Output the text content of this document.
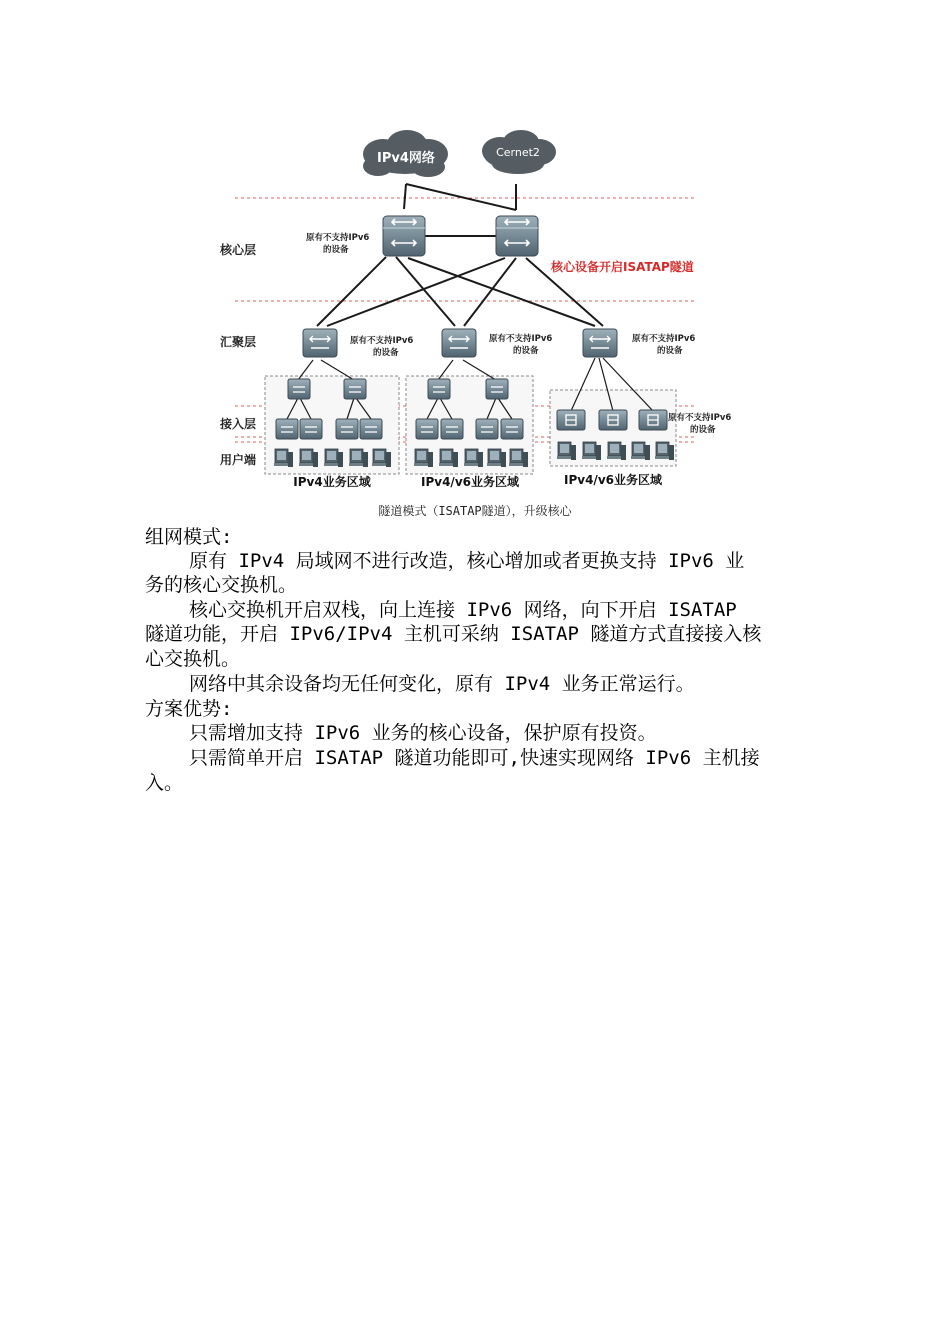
IPv4网络	Cernet2
核心层
汇聚层
接入层
用户端
原有不支持IPv6
的设备
原有不支持IPv6
的设备
原有不支持IPv6
的设备
原有不支持IPv6
的设备
原有不支持IPv6
的设备
核心设备开启ISATAP隧道
IPv4业务区域	IPv4/v6业务区域	IPv4/v6业务区域
隧道模式（ISATAP隧道），升级核心
组网模式:
原有 IPv4 局域网不进行改造，核心增加或者更换支持 IPv6 业
务的核心交换机。
核心交换机开启双栈，向上连接 IPv6 网络，向下开启 ISATAP
隧道功能，开启 IPv6/IPv4 主机可采纳 ISATAP 隧道方式直接接入核
心交换机。
网络中其余设备均无任何变化，原有 IPv4 业务正常运行。
方案优势:
只需增加支持 IPv6 业务的核心设备，保护原有投资。
只需简单开启 ISATAP 隧道功能即可,快速实现网络 IPv6 主机接
入。
